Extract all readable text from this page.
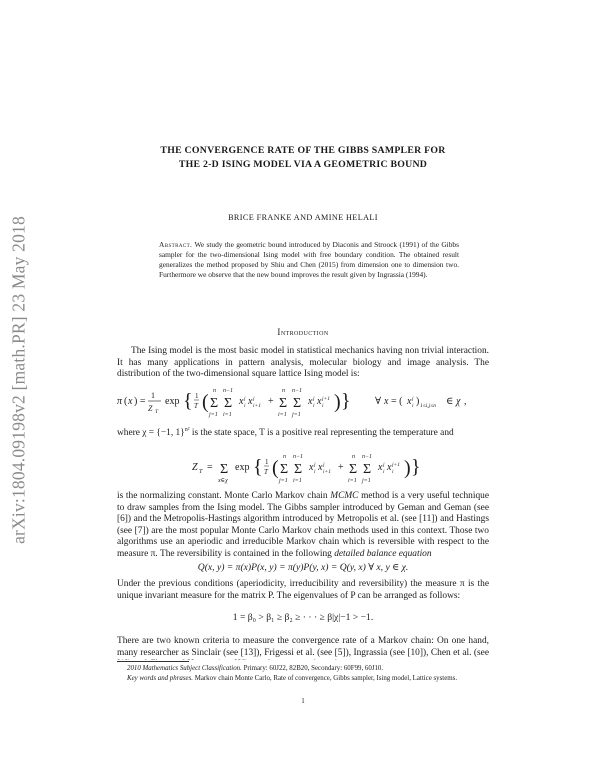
arXiv:1804.09198v2 [math.PR] 23 May 2018
THE CONVERGENCE RATE OF THE GIBBS SAMPLER FOR
THE 2-D ISING MODEL VIA A GEOMETRIC BOUND
BRICE FRANKE AND AMINE HELALI
Abstract. We study the geometric bound introduced by Diaconis and Stroock (1991) of the Gibbs sampler for the two-dimensional Ising model with free boundary condition. The obtained result generalizes the method proposed by Shiu and Chen (2015) from dimension one to dimension two. Furthermore we observe that the new bound improves the result given by Ingrassia (1994).
Introduction
The Ising model is the most basic model in statistical mechanics having non trivial interaction. It has many applications in pattern analysis, molecular biology and image analysis. The distribution of the two-dimensional square lattice Ising model is:
π ( x ) =
1
Z T
exp { 1
T ( Σ
n
j=1
Σ
n−1
i=1
x j
i x j
i+1 + Σ
n
i=1
Σ
n−1
j=1
x j
i x j+1
i ) } ∀ x = ( x j
i ) 1≤i,j≤n ∈ χ ,
where χ = {−1, 1}$^{n^2}$ is the state space, T is a positive real representing the temperature and
Z T = Σ
x∈χ
exp { 1
T ( Σ
n
j=1
Σ
n−1
i=1
x j
i x j
i+1 + Σ
n
i=1
Σ
n−1
j=1
x j
i x j+1
i ) }
is the normalizing constant. Monte Carlo Markov chain MCMC method is a very useful technique to draw samples from the Ising model. The Gibbs sampler introduced by Geman and Geman (see [6]) and the Metropolis-Hastings algorithm introduced by Metropolis et al. (see [11]) and Hastings (see [7]) are the most popular Monte Carlo Markov chain methods used in this context. Those two algorithms use an aperiodic and irreducible Markov chain which is reversible with respect to the measure π. The reversibility is contained in the following detailed balance equation
Q(x, y) = π(x)P(x, y) = π(y)P(y, x) = Q(y, x) ∀ x, y ∈ χ.
Under the previous conditions (aperiodicity, irreducibility and reversibility) the measure π is the unique invariant measure for the matrix P. The eigenvalues of P can be arranged as follows:
1 = β₀ > β₁ ≥ β₂ ≥ · · · ≥ β|χ|−1 > −1.
There are two known criteria to measure the convergence rate of a Markov chain: On one hand, many researcher as Sinclair (see [13]), Frigessi et al. (see [5]), Ingrassia (see [10]), Chen et al. (see
2010 Mathematics Subject Classification. Primary: 60J22, 82B20, Secondary: 60F99, 60J10.
Key words and phrases. Markov chain Monte Carlo, Rate of convergence, Gibbs sampler, Ising model, Lattice systems.
1
